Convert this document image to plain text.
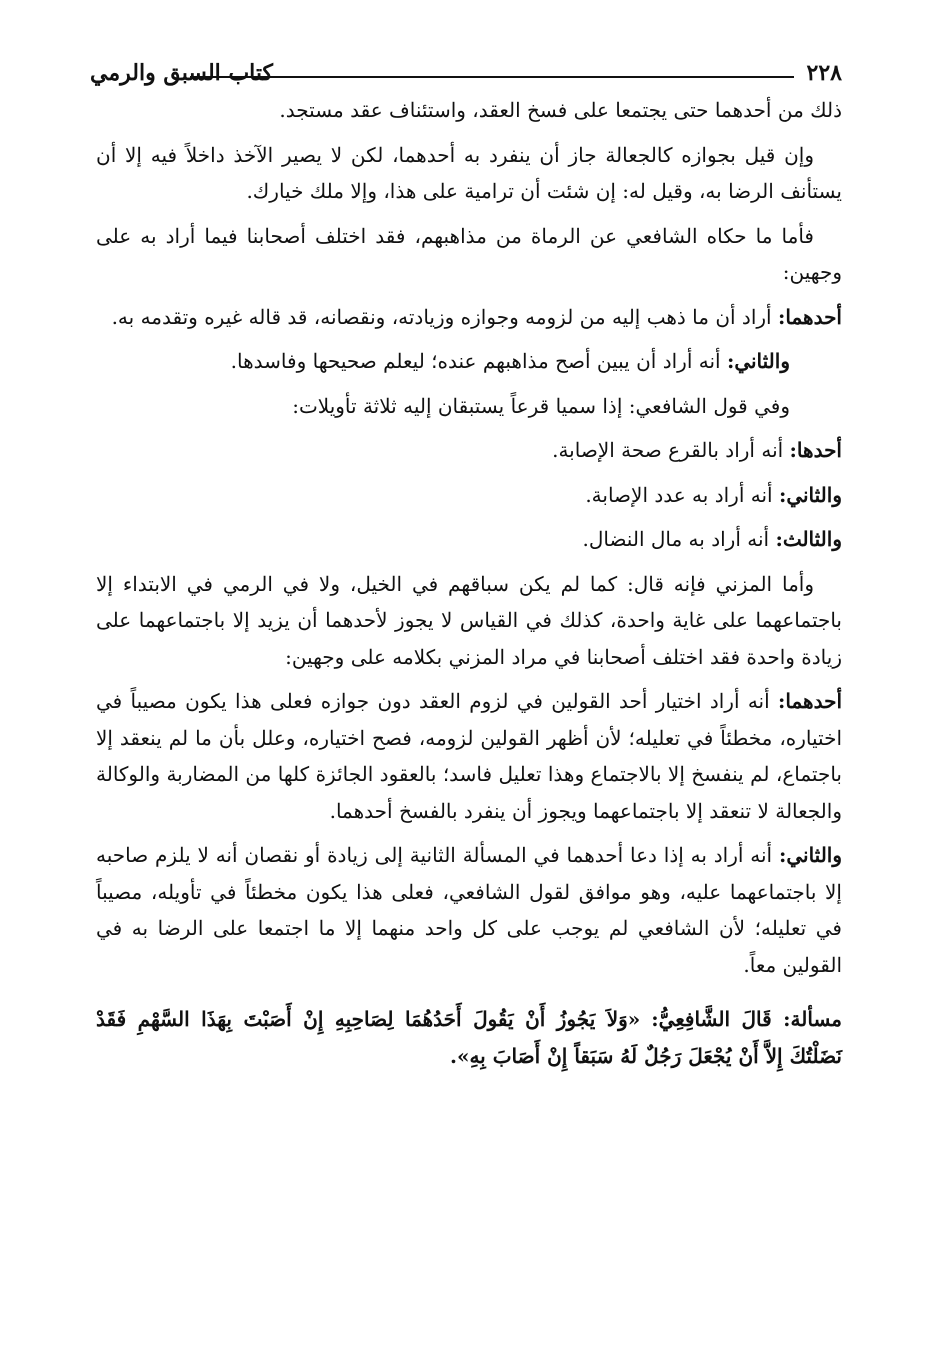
٢٢٨
كتاب السبق والرمي

ذلك من أحدهما حتى يجتمعا على فسخ العقد، واستئناف عقد مستجد.

وإن قيل بجوازه كالجعالة جاز أن ينفرد به أحدهما، لكن لا يصير الآخذ داخلاً فيه إلا أن يستأنف الرضا به، وقيل له: إن شئت أن ترامية على هذا، وإلا ملك خيارك.

فأما ما حكاه الشافعي عن الرماة من مذاهبهم، فقد اختلف أصحابنا فيما أراد به على وجهين:

أحدهما: أراد أن ما ذهب إليه من لزومه وجوازه وزيادته، ونقصانه، قد قاله غيره وتقدمه به.

والثاني: أنه أراد أن يبين أصح مذاهبهم عنده؛ ليعلم صحيحها وفاسدها.

وفي قول الشافعي: إذا سميا قرعاً يستبقان إليه ثلاثة تأويلات:

أحدها: أنه أراد بالقرع صحة الإصابة.

والثاني: أنه أراد به عدد الإصابة.

والثالث: أنه أراد به مال النضال.

وأما المزني فإنه قال: كما لم يكن سباقهم في الخيل، ولا في الرمي في الابتداء إلا باجتماعهما على غاية واحدة، كذلك في القياس لا يجوز لأحدهما أن يزيد إلا باجتماعهما على زيادة واحدة فقد اختلف أصحابنا في مراد المزني بكلامه على وجهين:

أحدهما: أنه أراد اختيار أحد القولين في لزوم العقد دون جوازه فعلى هذا يكون مصيباً في اختياره، مخطئاً في تعليله؛ لأن أظهر القولين لزومه، فصح اختياره، وعلل بأن ما لم ينعقد إلا باجتماع، لم ينفسخ إلا بالاجتماع وهذا تعليل فاسد؛ بالعقود الجائزة كلها من المضاربة والوكالة والجعالة لا تنعقد إلا باجتماعهما ويجوز أن ينفرد بالفسخ أحدهما.

والثاني: أنه أراد به إذا دعا أحدهما في المسألة الثانية إلى زيادة أو نقصان أنه لا يلزم صاحبه إلا باجتماعهما عليه، وهو موافق لقول الشافعي، فعلى هذا يكون مخطئاً في تأويله، مصيباً في تعليله؛ لأن الشافعي لم يوجب على كل واحد منهما إلا ما اجتمعا على الرضا به في القولين معاً.

مسألة: قَالَ الشَّافِعِيُّ: «وَلاَ يَجُوزُ أَنْ يَقُولَ أَحَدُهُمَا لِصَاحِبِهِ إِنْ أَصَبْتَ بِهَذَا السَّهْمِ فَقَدْ نَضَلْتُكَ إِلاَّ أَنْ يُجْعَلَ رَجُلٌ لَهُ سَبَقاً إِنْ أَصَابَ بِهِ».
